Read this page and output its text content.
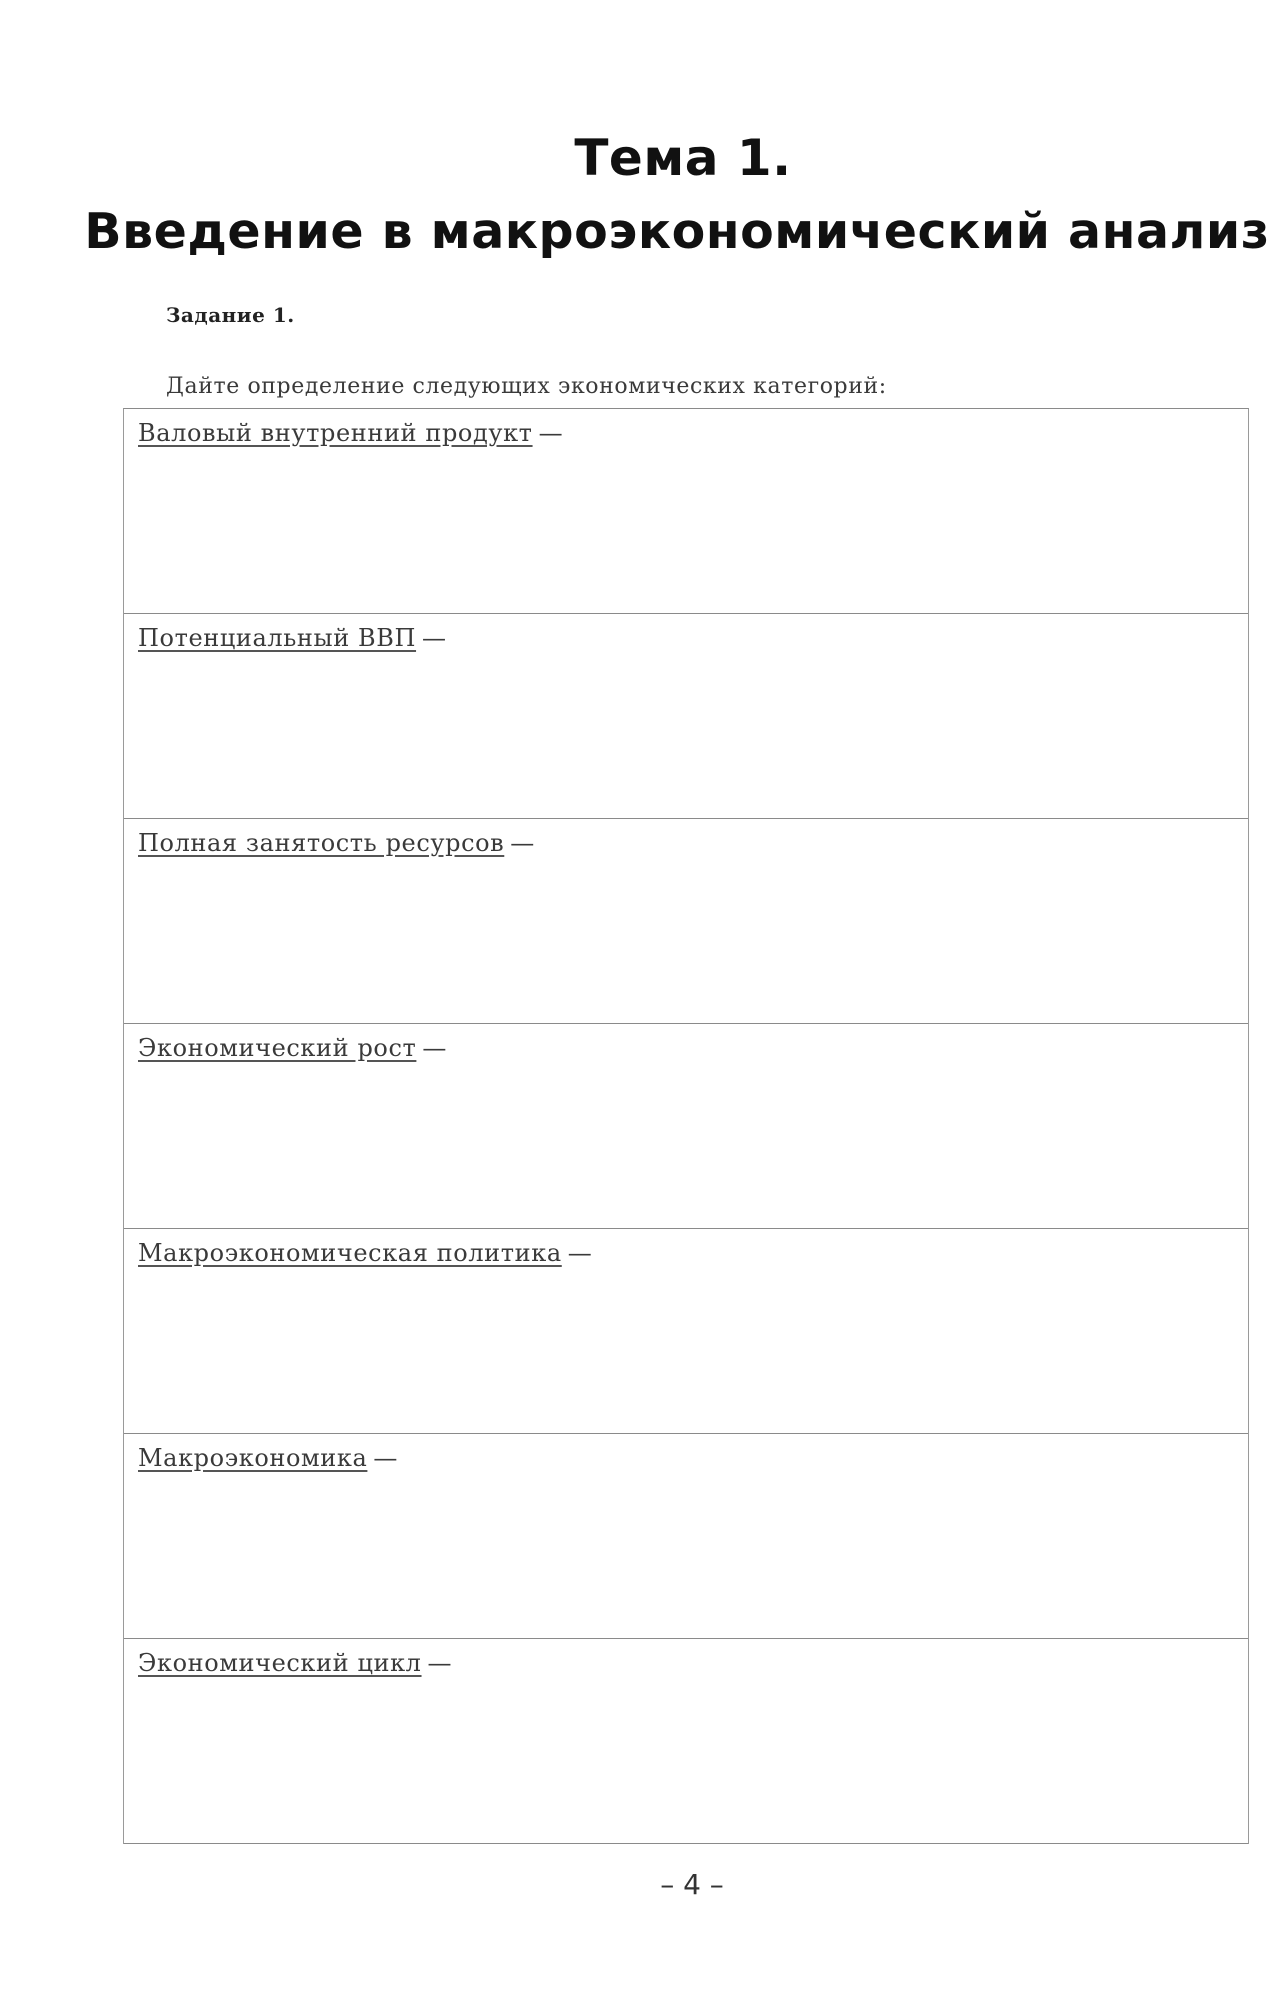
Тема 1.
Введение в макроэкономический анализ
Задание 1.
Дайте определение следующих экономических категорий:
Валовый внутренний продукт —
Потенциальный ВВП —
Полная занятость ресурсов —
Экономический рост —
Макроэкономическая политика —
Макроэкономика —
Экономический цикл —
– 4 –
